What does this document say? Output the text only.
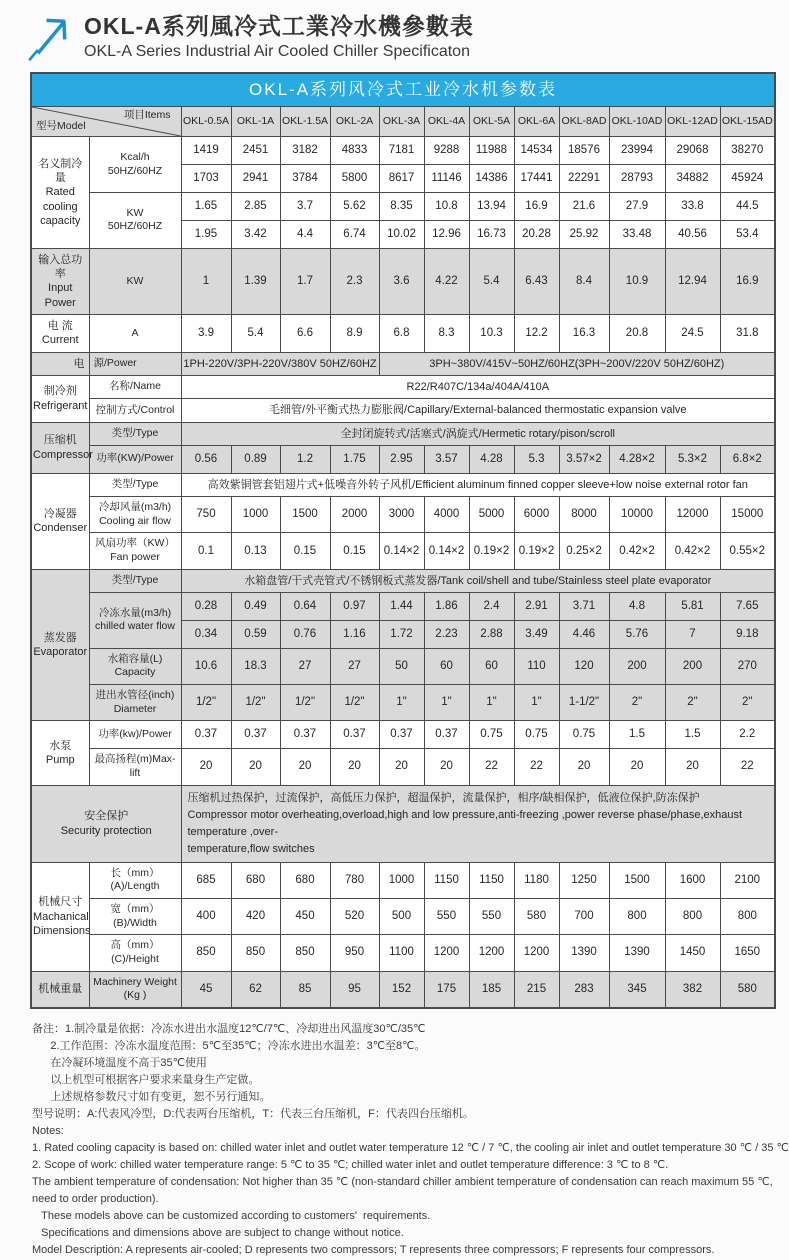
OKL-A系列風冷式工業冷水機參數表
OKL-A Series Industrial Air Cooled Chiller Specificaton
OKL-A系列风冷式工业冷水机参数表													

项目Items
型号Model		OKL-0.5A	OKL-1A	OKL-1.5A	OKL-2A	OKL-3A	OKL-4A	OKL-5A	OKL-6A	OKL-8AD	OKL-10AD	OKL-12AD	OKL-15AD
名义制冷量
Rated
cooling
capacity	Kcal/h
50HZ/60HZ	1419	2451	3182	4833	7181	9288	11988	14534	18576	23994	29068	38270
		1703	2941	3784	5800	8617	11146	14386	17441	22291	28793	34882	45924
	KW
50HZ/60HZ	1.65	2.85	3.7	5.62	8.35	10.8	13.94	16.9	21.6	27.9	33.8	44.5
		1.95	3.42	4.4	6.74	10.02	12.96	16.73	20.28	25.92	33.48	40.56	53.4
输入总功率
Input Power	KW	1	1.39	1.7	2.3	3.6	4.22	5.4	6.43	8.4	10.9	12.94	16.9
电 流
Current	A	3.9	5.4	6.6	8.9	6.8	8.3	10.3	12.2	16.3	20.8	24.5	31.8
电	源/Power	1PH-220V/3PH-220V/380V 50HZ/60HZ				3PH~380V/415V~50HZ/60HZ(3PH~200V/220V 50HZ/60HZ)							
制冷剂
Refrigerant	名称/Name	R22/R407C/134a/404A/410A											
	控制方式/Control	毛细管/外平衡式热力膨胀阀/Capillary/External-balanced thermostatic expansion valve											
压缩机
Compressor	类型/Type	全封闭旋转式/活塞式/涡旋式/Hermetic rotary/pison/scroll											
	功率(KW)/Power	0.56	0.89	1.2	1.75	2.95	3.57	4.28	5.3	3.57×2	4.28×2	5.3×2	6.8×2
冷凝器
Condenser	类型/Type	高效紫铜管套铝翅片式+低噪音外转子风机/Efficient aluminum finned copper sleeve+low noise external rotor fan											
	冷却风量(m3/h)
Cooling air flow	750	1000	1500	2000	3000	4000	5000	6000	8000	10000	12000	15000
	风扇功率（KW）
Fan power	0.1	0.13	0.15	0.15	0.14×2	0.14×2	0.19×2	0.19×2	0.25×2	0.42×2	0.42×2	0.55×2
蒸发器
Evaporator	类型/Type	水箱盘管/干式壳管式/不锈钢板式蒸发器/Tank coil/shell and tube/Stainless steel plate evaporator											
	冷冻水量(m3/h)
chilled water flow	0.28	0.49	0.64	0.97	1.44	1.86	2.4	2.91	3.71	4.8	5.81	7.65
		0.34	0.59	0.76	1.16	1.72	2.23	2.88	3.49	4.46	5.76	7	9.18
	水箱容量(L)
Capacity	10.6	18.3	27	27	50	60	60	110	120	200	200	270
	进出水管径(inch)
Diameter	1/2"	1/2"	1/2"	1/2"	1"	1"	1"	1"	1-1/2"	2"	2"	2"
水泵
Pump	功率(kw)/Power	0.37	0.37	0.37	0.37	0.37	0.37	0.75	0.75	0.75	1.5	1.5	2.2
	最高扬程(m)Max-lift	20	20	20	20	20	20	22	22	20	20	20	22
安全保护
Security protection		压缩机过热保护，过流保护，高低压力保护，超温保护，流量保护，相序/缺相保护，低液位保护,防冻保护
Compressor motor overheating,overload,high and low pressure,anti-freezing ,power reverse phase/phase,exhaust temperature ,over-
temperature,flow switches											
机械尺寸
Machanical
Dimensions	长（mm）(A)/Length	685	680	680	780	1000	1150	1150	1180	1250	1500	1600	2100
	宽（mm）(B)/Width	400	420	450	520	500	550	550	580	700	800	800	800
	高（mm）(C)/Height	850	850	850	950	1100	1200	1200	1200	1390	1390	1450	1650
机械重量	Machinery Weight
(Kg )	45	62	85	95	152	175	185	215	283	345	382	580
备注：1.制冷量是依据：冷冻水进出水温度12℃/7℃、冷却进出风温度30℃/35℃
2.工作范围：冷冻水温度范围：5℃至35℃；冷冻水进出水温差：3℃至8℃。
在冷凝环境温度不高于35℃使用
以上机型可根据客户要求来量身生产定做。
上述规格参数尺寸如有变更，恕不另行通知。
型号说明：A:代表风冷型，D:代表两台压缩机，T：代表三台压缩机，F：代表四台压缩机。
Notes:
1. Rated cooling capacity is based on: chilled water inlet and outlet water temperature 12 ℃ / 7 ℃, the cooling air inlet and outlet temperature 30 ℃ / 35 ℃
2. Scope of work: chilled water temperature range: 5 ℃ to 35 ℃; chilled water inlet and outlet temperature difference: 3 ℃ to 8 ℃.
The ambient temperature of condensation: Not higher than 35 ℃ (non-standard chiller ambient temperature of condensation can reach maximum 55 ℃, need to order production).
These models above can be customized according to customers'  requirements.
Specifications and dimensions above are subject to change without notice.
Model Description: A represents air-cooled; D represents two compressors; T represents three compressors; F represents four compressors.
